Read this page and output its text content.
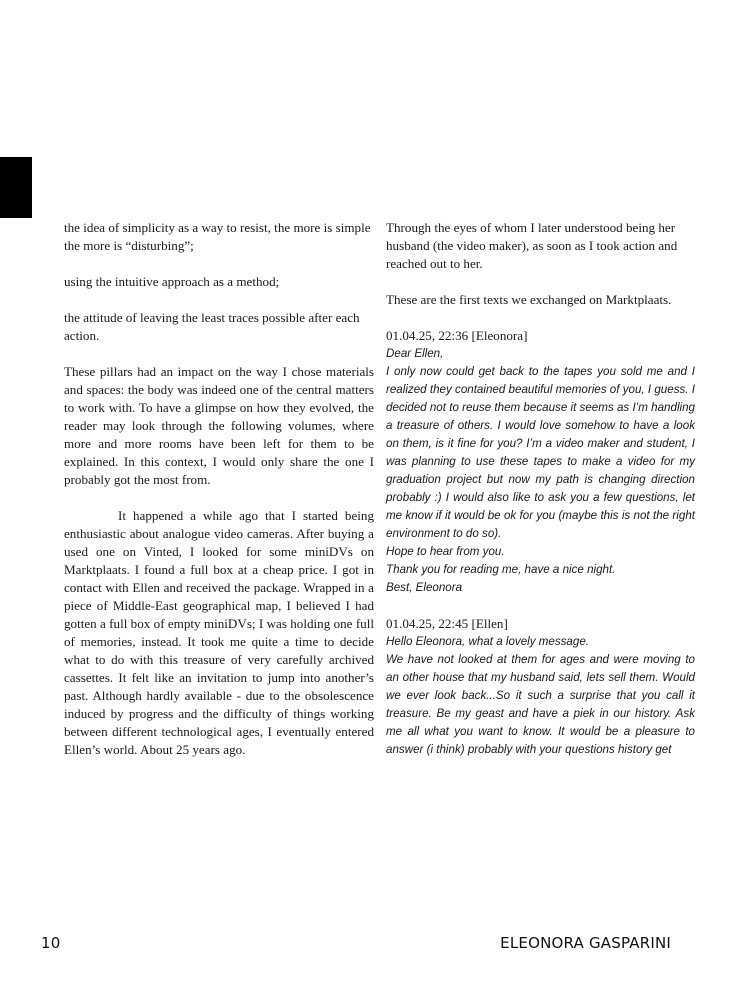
the idea of simplicity as a way to resist, the more is simple the more is “disturbing”;

using the intuitive approach as a method;

the attitude of leaving the least traces possible after each action.

These pillars had an impact on the way I chose materials and spaces: the body was indeed one of the central matters to work with. To have a glimpse on how they evolved, the reader may look through the following volumes, where more and more rooms have been left for them to be explained. In this context, I would only share the one I probably got the most from.

It happened a while ago that I started being enthusiastic about analogue video cameras. After buying a used one on Vinted, I looked for some miniDVs on Marktplaats. I found a full box at a cheap price. I got in contact with Ellen and received the package. Wrapped in a piece of Middle-East geographical map, I believed I had gotten a full box of empty miniDVs; I was holding one full of memories, instead. It took me quite a time to decide what to do with this treasure of very carefully archived cassettes. It felt like an invitation to jump into another’s past. Although hardly available - due to the obsolescence induced by progress and the difficulty of things working between different technological ages, I eventually entered Ellen’s world. About 25 years ago.

Through the eyes of whom I later understood being her husband (the video maker), as soon as I took action and reached out to her.

These are the first texts we exchanged on Marktplaats.

01.04.25, 22:36 [Eleonora]

Dear Ellen,

I only now could get back to the tapes you sold me and I realized they contained beautiful memories of you, I guess. I decided not to reuse them because it seems as I’m handling a treasure of others. I would love somehow to have a look on them, is it fine for you? I’m a video maker and student, I was planning to use these tapes to make a video for my graduation project but now my path is changing direction probably :) I would also like to ask you a few questions, let me know if it would be ok for you (maybe this is not the right environment to do so).

Hope to hear from you.

Thank you for reading me, have a nice night.

Best, Eleonora

01.04.25, 22:45 [Ellen]

Hello Eleonora, what a lovely message.

We have not looked at them for ages and were moving to an other house that my husband said, lets sell them. Would we ever look back...So it such a surprise that you call it treasure. Be my geast and have a piek in our history. Ask me all what you want to know. It would be a pleasure to answer (i think) probably with your questions history get

10	ELEONORA GASPARINI
